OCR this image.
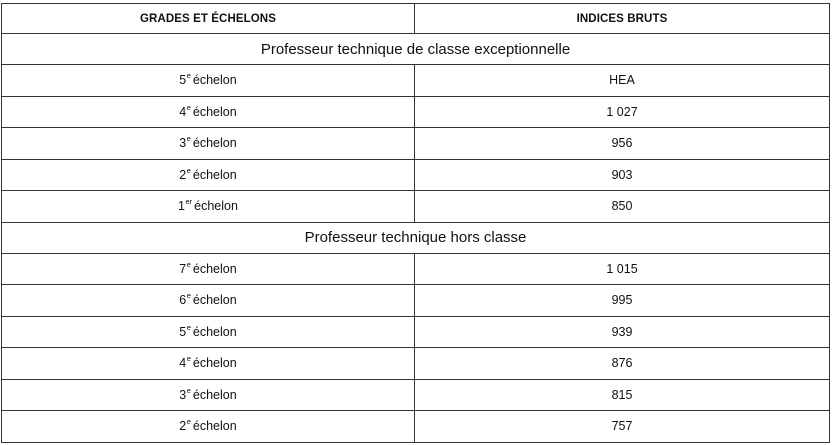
GRADES ET ÉCHELONS	INDICES BRUTS
Professeur technique de classe exceptionnelle	
5e échelon	HEA
4e échelon	1 027
3e échelon	956
2e échelon	903
1er échelon	850
Professeur technique hors classe	
7e échelon	1 015
6e échelon	995
5e échelon	939
4e échelon	876
3e échelon	815
2e échelon	757
